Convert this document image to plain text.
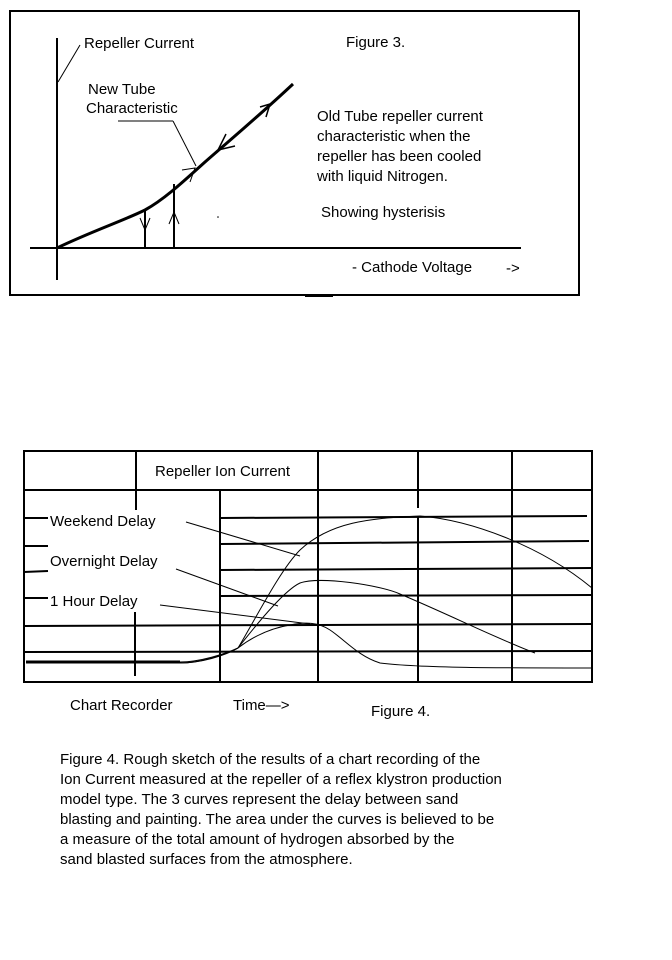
Repeller Current	Figure 3.
New Tube
Characteristic	Old Tube repeller current
characteristic when the
repeller has been cooled
with liquid Nitrogen.
Showing hysterisis
- Cathode Voltage ->
Repeller Ion Current
Weekend Delay
Overnight Delay
1 Hour Delay
Chart Recorder	Time—>	Figure 4.

Figure 4. Rough sketch of the results of a chart recording of the

Ion Current measured at the repeller of a reflex klystron production

model type. The 3 curves represent the delay between sand

blasting and painting. The area under the curves is believed to be

a measure of the total amount of hydrogen absorbed by the

sand blasted surfaces from the atmosphere.
